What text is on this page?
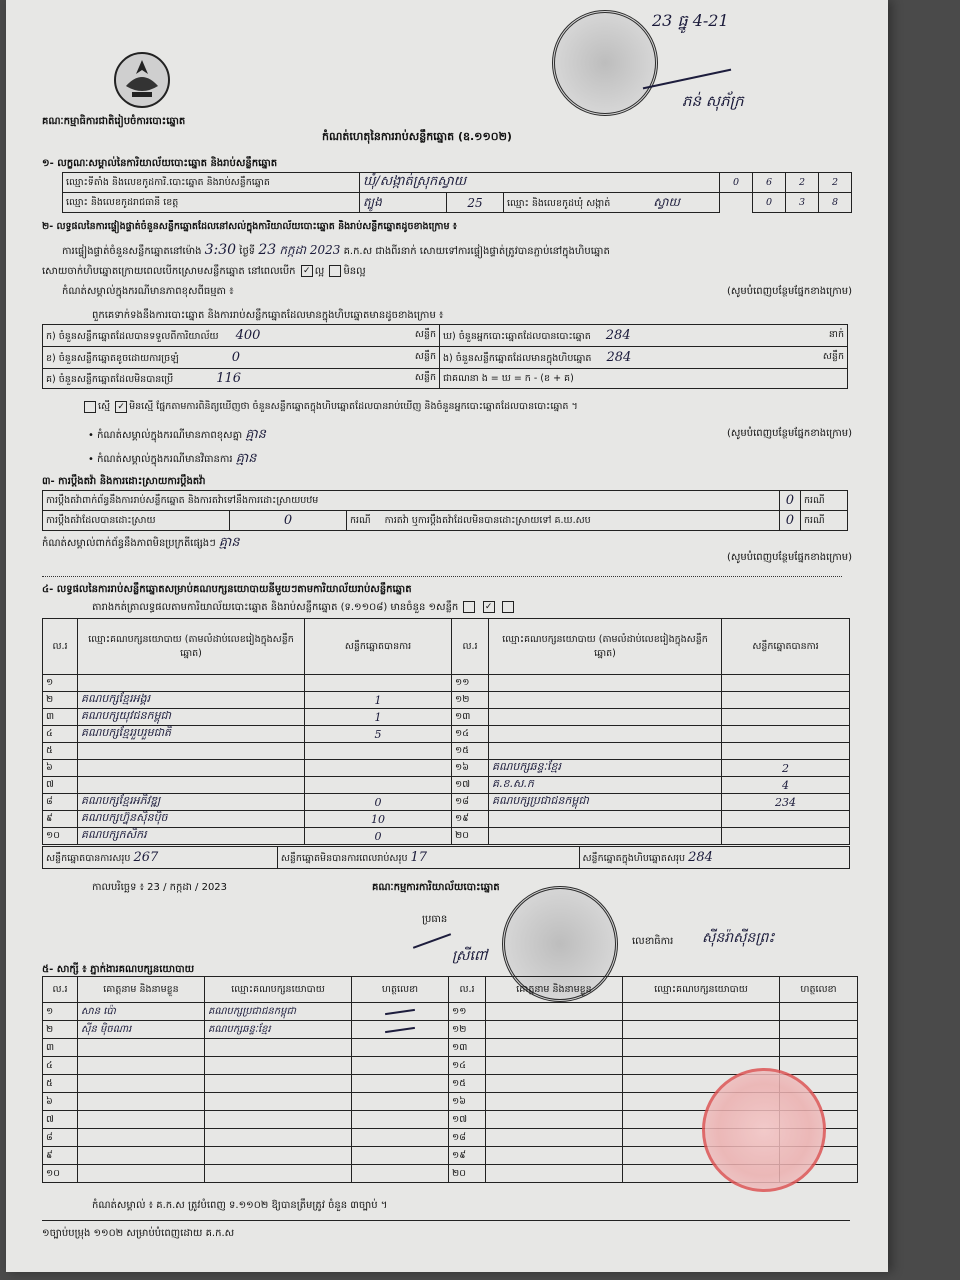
គណៈកម្មាធិការជាតិរៀបចំការបោះឆ្នោត
កំណត់ហេតុនៃការរាប់សន្លឹកឆ្នោត (ឧ.១១០២)
23 ធ្នូ 4-21
ភន់ សុភ័ក្រ
១- លក្ខណៈសម្គាល់នៃការិយាល័យបោះឆ្នោត និងរាប់សន្លឹកឆ្នោត
ឈ្មោះទីតាំង និងលេខកូដការិ.បោះឆ្នោត និងរាប់សន្លឹកឆ្នោត	ឃុំ/សង្កាត់ស្រុកស្វាយ			0	6	2	2
ឈ្មោះ និងលេខកូដរាជធានី ខេត្ត	ត្បូង	25	ឈ្មោះ និងលេខកូដឃុំ សង្កាត់ ស្វាយ		0	3	8
២- លទ្ធផលនៃការផ្ទៀងផ្ទាត់ចំនួនសន្លឹកឆ្នោតដែលនៅសល់ក្នុងការិយាល័យបោះឆ្នោត និងរាប់សន្លឹកឆ្នោតដូចខាងក្រោម ៖
ការផ្ទៀងផ្ទាត់ចំនួនសន្លឹកឆ្នោតនៅម៉ោង 3:30 ថ្ងៃទី 23 កក្កដា 2023 គ.ក.ស ជាងពីរនាក់ សោយទៅការផ្ទៀងផ្ទាត់ត្រូវបានភ្ជាប់នៅក្នុងហិបឆ្នោត
សោយចាក់ហិបឆ្នោតក្រោយពេលបើកស្រោមសន្លឹកឆ្នោត នៅពេលបើក ✓ ល្អ មិនល្អ
កំណត់សម្គាល់ក្នុងករណីមានភាពខុសពីធម្មតា ៖	(សូមបំពេញបន្ថែមផ្នែកខាងក្រោម)
ពួកគេទាក់ទងនឹងការបោះឆ្នោត និងការរាប់សន្លឹកឆ្នោតដែលមានក្នុងហិបឆ្នោតមានដូចខាងក្រោម ៖
ក) ចំនួនសន្លឹកឆ្នោតដែលបានទទួលពីការិយាល័យ 400 សន្លឹក	ឃ) ចំនួនអ្នកបោះឆ្នោតដែលបានបោះឆ្នោត 284 នាក់

ខ) ចំនួនសន្លឹកឆ្នោតខូចដោយការច្រឡំ 0 សន្លឹក	ង) ចំនួនសន្លឹកឆ្នោតដែលមានក្នុងហិបឆ្នោត 284 សន្លឹក

គ) ចំនួនសន្លឹកឆ្នោតដែលមិនបានប្រើ 116 សន្លឹក	ជាគណនា ង = ឃ = ក - (ខ + គ)
ស្មើ ✓ មិនស្មើ ផ្នែកតាមការពិនិត្យឃើញថា ចំនួនសន្លឹកឆ្នោតក្នុងហិបឆ្នោតដែលបានរាប់ឃើញ និងចំនួនអ្នកបោះឆ្នោតដែលបានបោះឆ្នោត ។
• កំណត់សម្គាល់ក្នុងករណីមានភាពខុសគ្នា គ្មាន	(សូមបំពេញបន្ថែមផ្នែកខាងក្រោម)
• កំណត់សម្គាល់ក្នុងករណីមានវិធានការ គ្មាន
៣- ការប្តឹងតវ៉ា និងការដោះស្រាយការប្តឹងតវ៉ា
ការប្តឹងតវ៉ាពាក់ព័ន្ធនឹងការរាប់សន្លឹកឆ្នោត និងការតវ៉ាទៅនឹងការដោះស្រាយបឋម			0	ករណី
ការប្តឹងតវ៉ាដែលបានដោះស្រាយ	0	ករណី ការតវ៉ា ឬការប្តឹងតវ៉ាដែលមិនបានដោះស្រាយទៅ គ.ឃ.សប	0	ករណី
កំណត់សម្គាល់ពាក់ព័ន្ធនឹងភាពមិនប្រក្រតីផ្សេងៗ គ្មាន
(សូមបំពេញបន្ថែមផ្នែកខាងក្រោម)
៤- លទ្ធផលនៃការរាប់សន្លឹកឆ្នោតសម្រាប់គណបក្សនយោបាយនីមួយៗតាមការិយាល័យរាប់សន្លឹកឆ្នោត
តារាងកត់ត្រាលទ្ធផលតាមការិយាល័យបោះឆ្នោត និងរាប់សន្លឹកឆ្នោត (ទ.១១០៨) មានចំនួន ១សន្លឹក	✓
ល.រ	ឈ្មោះគណបក្សនយោបាយ (តាមលំដាប់លេខរៀងក្នុងសន្លឹកឆ្នោត)	សន្លឹកឆ្នោតបានការ	ល.រ	ឈ្មោះគណបក្សនយោបាយ (តាមលំដាប់លេខរៀងក្នុងសន្លឹកឆ្នោត)	សន្លឹកឆ្នោតបានការ
១			១១		
២	គណបក្សខ្មែរអង្គរ	1	១២		
៣	គណបក្សយុវជនកម្ពុជា	1	១៣		
៤	គណបក្សខ្មែររួបរួមជាតិ	5	១៤		
៥			១៥		
៦			១៦	គណបក្សឆន្ទៈខ្មែរ	2
៧			១៧	គ.ខ.ស.ក	4
៨	គណបក្សខ្មែរអភិវឌ្ឍ	0	១៨	គណបក្សប្រជាជនកម្ពុជា	234
៩	គណបក្សហ្វ៊ុនស៊ិនប៉ិច	10	១៩		
១០	គណបក្សកសិករ	0	២០		
សន្លឹកឆ្នោតបានការសរុប 267	សន្លឹកឆ្នោតមិនបានការពេលរាប់សរុប 17	សន្លឹកឆ្នោតក្នុងហិបឆ្នោតសរុប 284
កាលបរិច្ឆេទ ៖ 23 / កក្កដា / 2023	គណៈកម្មការការិយាល័យបោះឆ្នោត
ប្រធាន
ស្រីពៅ
លេខាធិការ ស៊ីនរ៉ាស៊ីនព្រះ
៥- សាក្សី ៖ ភ្នាក់ងារគណបក្សនយោបាយ
ល.រ	គោត្តនាម និងនាមខ្លួន	ឈ្មោះគណបក្សនយោបាយ	ហត្ថលេខា	ល.រ	គោត្តនាម និងនាមខ្លួន	ឈ្មោះគណបក្សនយោបាយ	ហត្ថលេខា
១	សាន ប៉ោ	គណបក្សប្រជាជនកម្ពុជា		១១			
២	ស៊ីន ម៉ិចណារ	គណបក្សឆន្ទៈខ្មែរ		១២			
៣				១៣			
៤				១៤			
៥				១៥			
៦				១៦			
៧				១៧			
៨				១៨			
៩				១៩			
១០				២០			
កំណត់សម្គាល់ ៖ គ.ក.ស ត្រូវបំពេញ ទ.១១០២ ឱ្យបានត្រឹមត្រូវ ចំនួន ៣ច្បាប់ ។
១ច្បាប់បម្រុង ១១០២ សម្រាប់បំពេញដោយ គ.ក.ស
